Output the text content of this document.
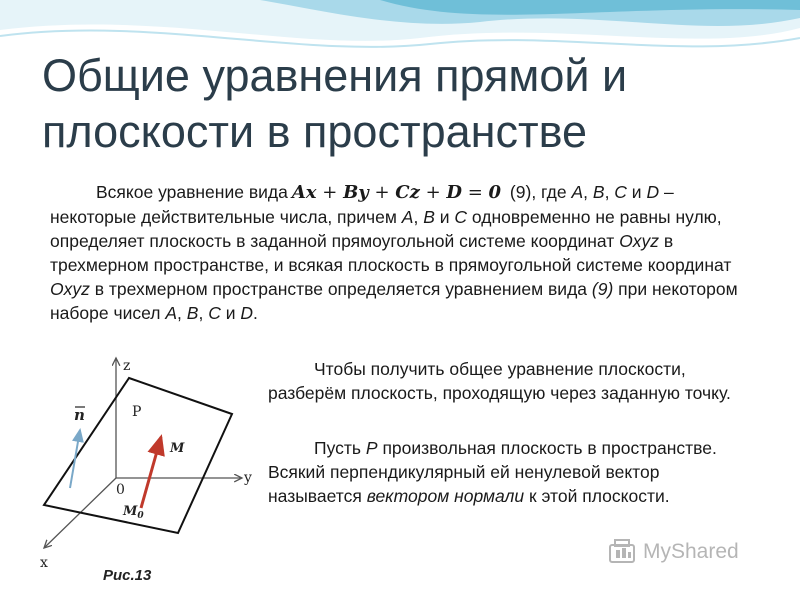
Общие уравнения прямой и
плоскости в пространстве
Всякое уравнение вида Ax + By + Cz + D = 0 (9), где A, B, C и D – некоторые действительные числа, причем A, B и C одновременно не равны нулю, определяет плоскость в заданной прямоугольной системе координат Oxyz в трехмерном пространстве, и всякая плоскость в прямоугольной системе координат Oxyz в трехмерном пространстве определяется уравнением вида (9) при некотором наборе чисел A, B, C и D.
Чтобы получить общее уравнение плоскости, разберём плоскость, проходящую через заданную точку.
Пусть P произвольная плоскость в пространстве. Всякий перпендикулярный ей ненулевой вектор называется вектором нормали к этой плоскости.
z
y
x
0
P
n
M
$M_0$
Рис.13
MyShared
